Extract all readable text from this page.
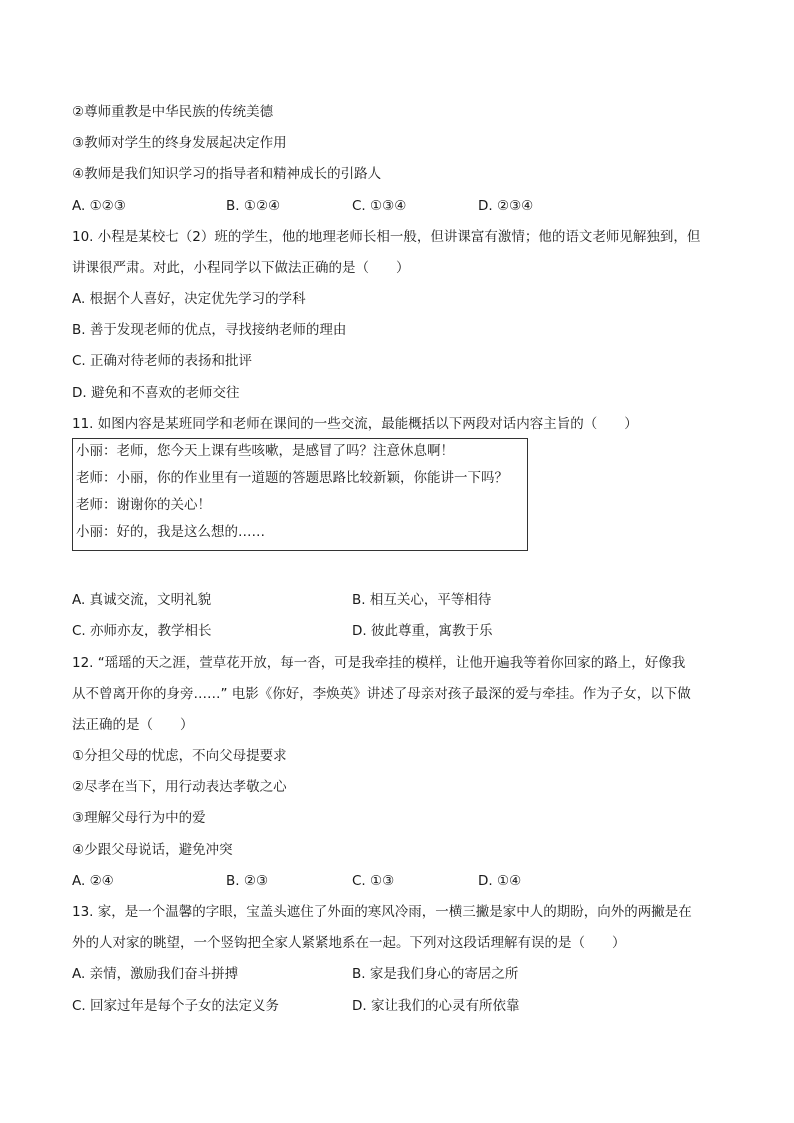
②尊师重教是中华民族的传统美德
③教师对学生的终身发展起决定作用
④教师是我们知识学习的指导者和精神成长的引路人
A. ①②③	B. ①②④	C. ①③④	D. ②③④
10. 小程是某校七（2）班的学生，他的地理老师长相一般，但讲课富有激情；他的语文老师见解独到，但
讲课很严肃。对此，小程同学以下做法正确的是（　　）
A. 根据个人喜好，决定优先学习的学科
B. 善于发现老师的优点，寻找接纳老师的理由
C. 正确对待老师的表扬和批评
D. 避免和不喜欢的老师交往
11. 如图内容是某班同学和老师在课间的一些交流，最能概括以下两段对话内容主旨的（　　）
小丽：老师，您今天上课有些咳嗽，是感冒了吗？注意休息啊！
老师：小丽，你的作业里有一道题的答题思路比较新颖，你能讲一下吗？
老师：谢谢你的关心！
小丽：好的，我是这么想的……
A. 真诚交流，文明礼貌	B. 相互关心，平等相待
C. 亦师亦友，教学相长	D. 彼此尊重，寓教于乐
12. “瑶瑶的天之涯，萱草花开放，每一沓，可是我牵挂的模样，让他开遍我等着你回家的路上，好像我
从不曾离开你的身旁……” 电影《你好，李焕英》讲述了母亲对孩子最深的爱与牵挂。作为子女，以下做
法正确的是（　　）
①分担父母的忧虑，不向父母提要求
②尽孝在当下，用行动表达孝敬之心
③理解父母行为中的爱
④少跟父母说话，避免冲突
A. ②④	B. ②③	C. ①③	D. ①④
13. 家，是一个温馨的字眼，宝盖头遮住了外面的寒风冷雨，一横三撇是家中人的期盼，向外的两撇是在
外的人对家的眺望，一个竖钩把全家人紧紧地系在一起。下列对这段话理解有误的是（　　）
A. 亲情，激励我们奋斗拼搏	B. 家是我们身心的寄居之所
C. 回家过年是每个子女的法定义务	D. 家让我们的心灵有所依靠
